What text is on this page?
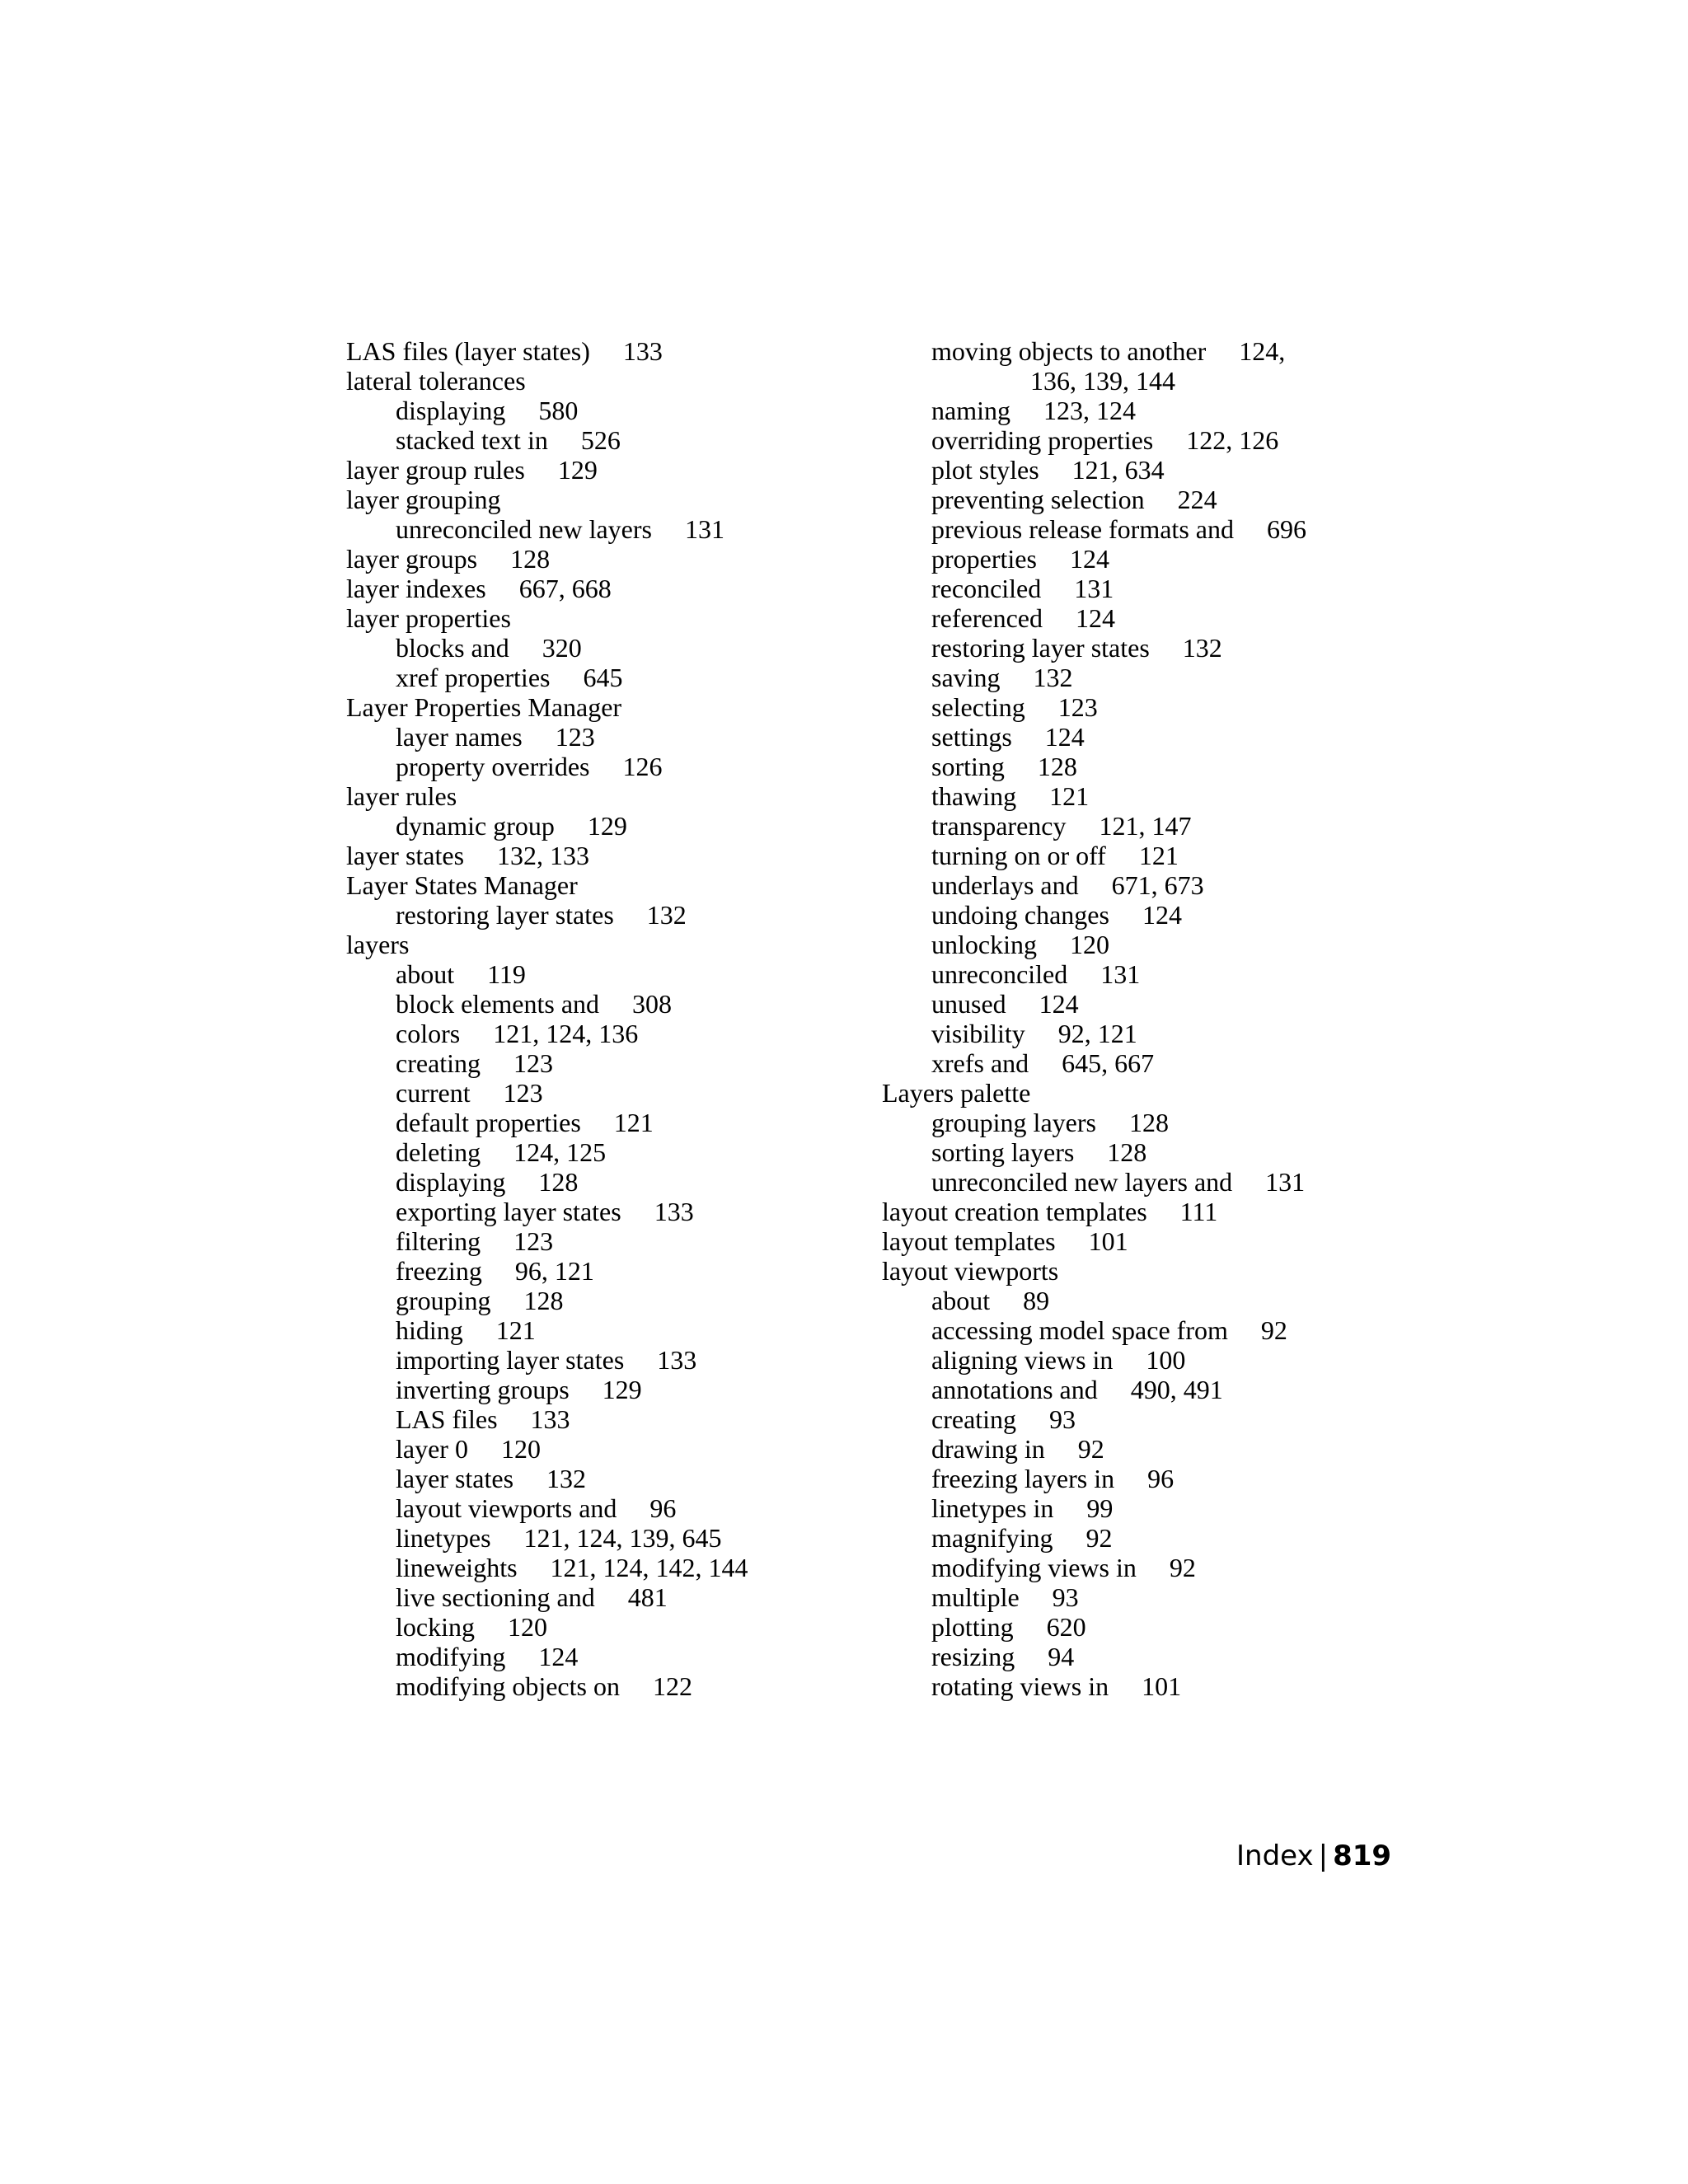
LAS files (layer states) 133
lateral tolerances
displaying 580
stacked text in 526
layer group rules 129
layer grouping
unreconciled new layers 131
layer groups 128
layer indexes 667, 668
layer properties
blocks and 320
xref properties 645
Layer Properties Manager
layer names 123
property overrides 126
layer rules
dynamic group 129
layer states 132, 133
Layer States Manager
restoring layer states 132
layers
about 119
block elements and 308
colors 121, 124, 136
creating 123
current 123
default properties 121
deleting 124, 125
displaying 128
exporting layer states 133
filtering 123
freezing 96, 121
grouping 128
hiding 121
importing layer states 133
inverting groups 129
LAS files 133
layer 0 120
layer states 132
layout viewports and 96
linetypes 121, 124, 139, 645
lineweights 121, 124, 142, 144
live sectioning and 481
locking 120
modifying 124
modifying objects on 122
moving objects to another 124,
136, 139, 144
naming 123, 124
overriding properties 122, 126
plot styles 121, 634
preventing selection 224
previous release formats and 696
properties 124
reconciled 131
referenced 124
restoring layer states 132
saving 132
selecting 123
settings 124
sorting 128
thawing 121
transparency 121, 147
turning on or off 121
underlays and 671, 673
undoing changes 124
unlocking 120
unreconciled 131
unused 124
visibility 92, 121
xrefs and 645, 667
Layers palette
grouping layers 128
sorting layers 128
unreconciled new layers and 131
layout creation templates 111
layout templates 101
layout viewports
about 89
accessing model space from 92
aligning views in 100
annotations and 490, 491
creating 93
drawing in 92
freezing layers in 96
linetypes in 99
magnifying 92
modifying views in 92
multiple 93
plotting 620
resizing 94
rotating views in 101
Index | 819
